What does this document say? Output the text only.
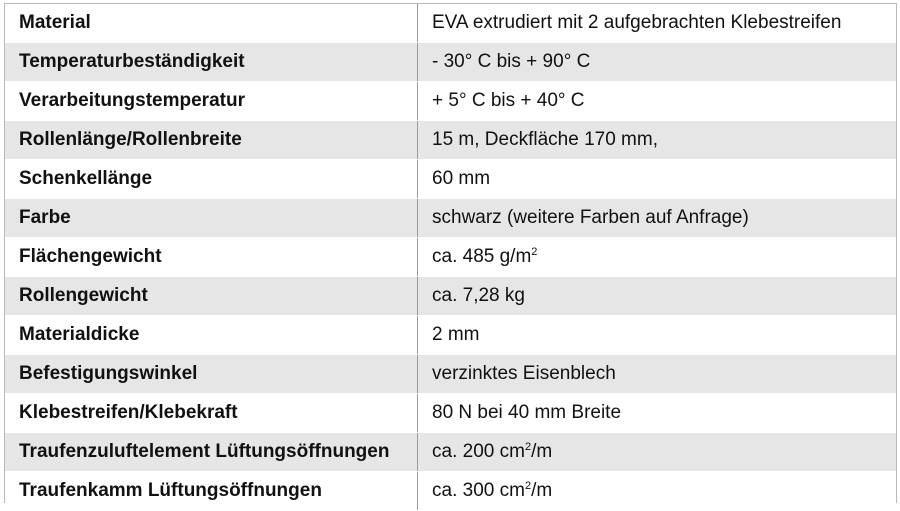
Material	EVA extrudiert mit 2 aufgebrachten Klebestreifen
Temperaturbeständigkeit	- 30° C bis + 90° C
Verarbeitungstemperatur	+ 5° C bis + 40° C
Rollenlänge/Rollenbreite	15 m, Deckfläche 170 mm,
Schenkellänge	60 mm
Farbe	schwarz (weitere Farben auf Anfrage)
Flächengewicht	ca. 485 $g/m^2$
Rollengewicht	ca. 7,28 kg
Materialdicke	2 mm
Befestigungswinkel	verzinktes Eisenblech
Klebestreifen/Klebekraft	80 N bei 40 mm Breite
Traufenzuluftelement Lüftungsöffnungen	ca. 200 $cm^2/m$
Traufenkamm Lüftungsöffnungen	ca. 300 $cm^2/m$
